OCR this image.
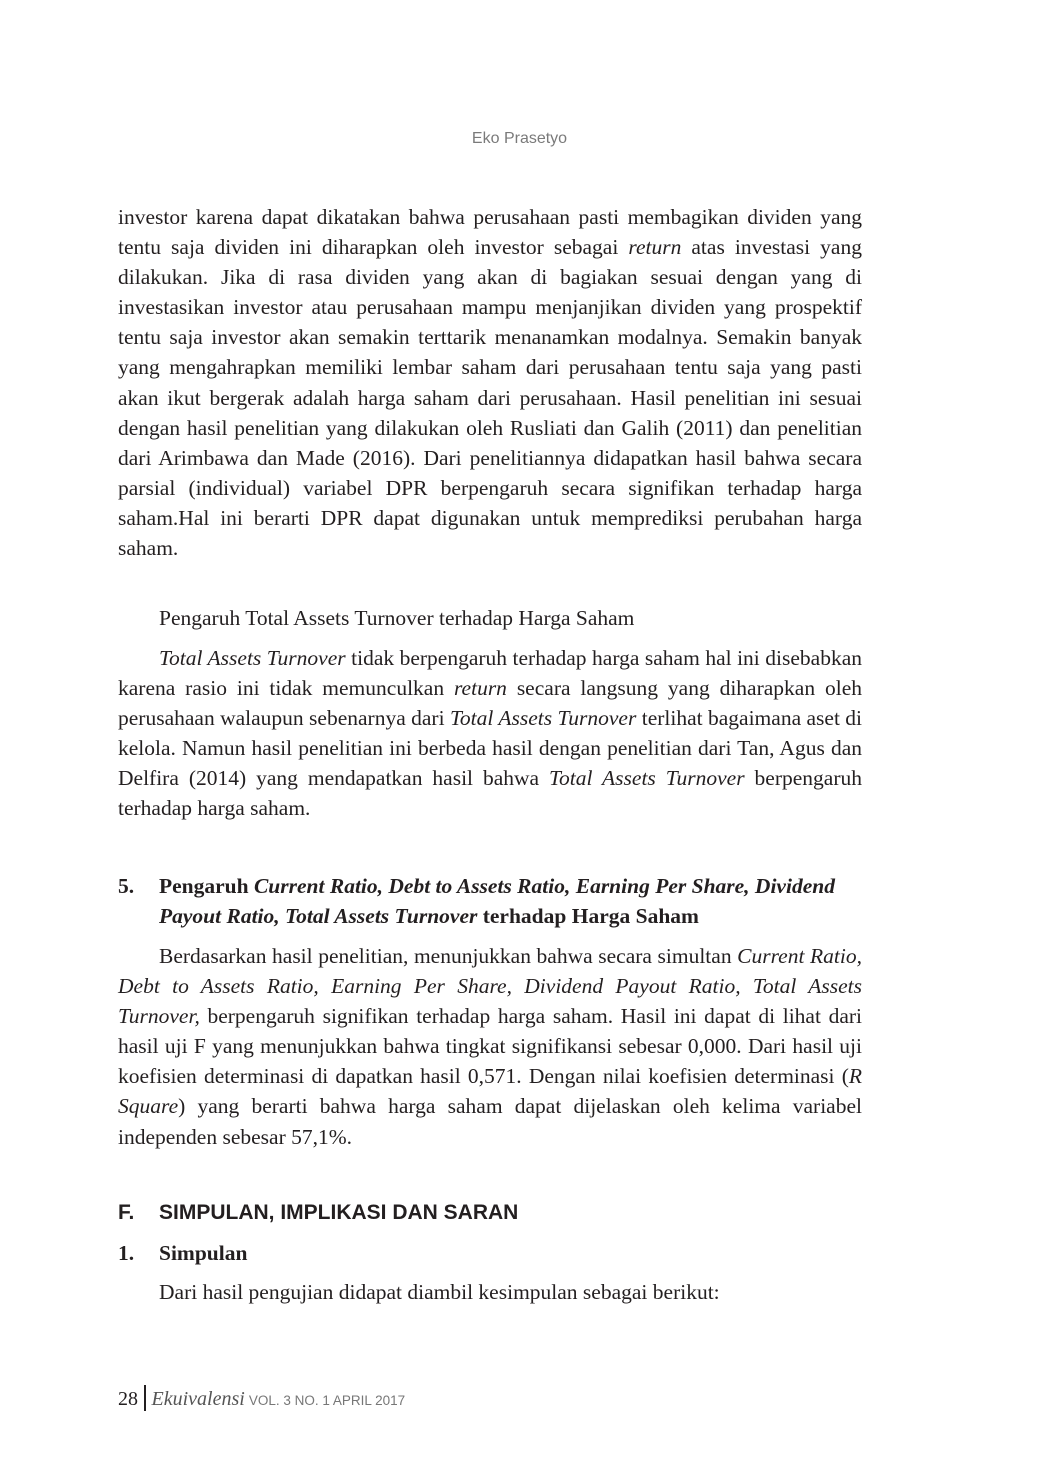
Eko Prasetyo

investor karena dapat dikatakan bahwa perusahaan pasti membagikan dividen yang tentu saja dividen ini diharapkan oleh investor sebagai return atas investasi yang dilakukan. Jika di rasa dividen yang akan di bagiakan sesuai dengan yang di investasikan investor atau perusahaan mampu menjanjikan dividen yang prospektif tentu saja investor akan semakin terttarik menanamkan modalnya. Semakin banyak yang mengahrapkan memiliki lembar saham dari perusahaan tentu saja yang pasti akan ikut bergerak adalah harga saham dari perusahaan. Hasil penelitian ini sesuai dengan hasil penelitian yang dilakukan oleh Rusliati dan Galih (2011) dan penelitian dari Arimbawa dan Made (2016). Dari penelitiannya didapatkan hasil bahwa secara parsial (individual) variabel DPR berpengaruh secara signifikan terhadap harga saham.Hal ini berarti DPR dapat digunakan untuk memprediksi perubahan harga saham.

Pengaruh Total Assets Turnover terhadap Harga Saham

Total Assets Turnover tidak berpengaruh terhadap harga saham hal ini disebabkan karena rasio ini tidak memunculkan return secara langsung yang diharapkan oleh perusahaan walaupun sebenarnya dari Total Assets Turnover terlihat bagaimana aset di kelola. Namun hasil penelitian ini berbeda hasil dengan penelitian dari Tan, Agus dan Delfira (2014) yang mendapatkan hasil bahwa Total Assets Turnover berpengaruh terhadap harga saham.

5. Pengaruh Current Ratio, Debt to Assets Ratio, Earning Per Share, Dividend Payout Ratio, Total Assets Turnover terhadap Harga Saham

Berdasarkan hasil penelitian, menunjukkan bahwa secara simultan Current Ratio, Debt to Assets Ratio, Earning Per Share, Dividend Payout Ratio, Total Assets Turnover, berpengaruh signifikan terhadap harga saham. Hasil ini dapat di lihat dari hasil uji F yang menunjukkan bahwa tingkat signifikansi sebesar 0,000. Dari hasil uji koefisien determinasi di dapatkan hasil 0,571. Dengan nilai koefisien determinasi (R Square) yang berarti bahwa harga saham dapat dijelaskan oleh kelima variabel independen sebesar 57,1%.

F. SIMPULAN, IMPLIKASI DAN SARAN
1. Simpulan

Dari hasil pengujian didapat diambil kesimpulan sebagai berikut:

28 Ekuivalensi VOL. 3 NO. 1 APRIL 2017
